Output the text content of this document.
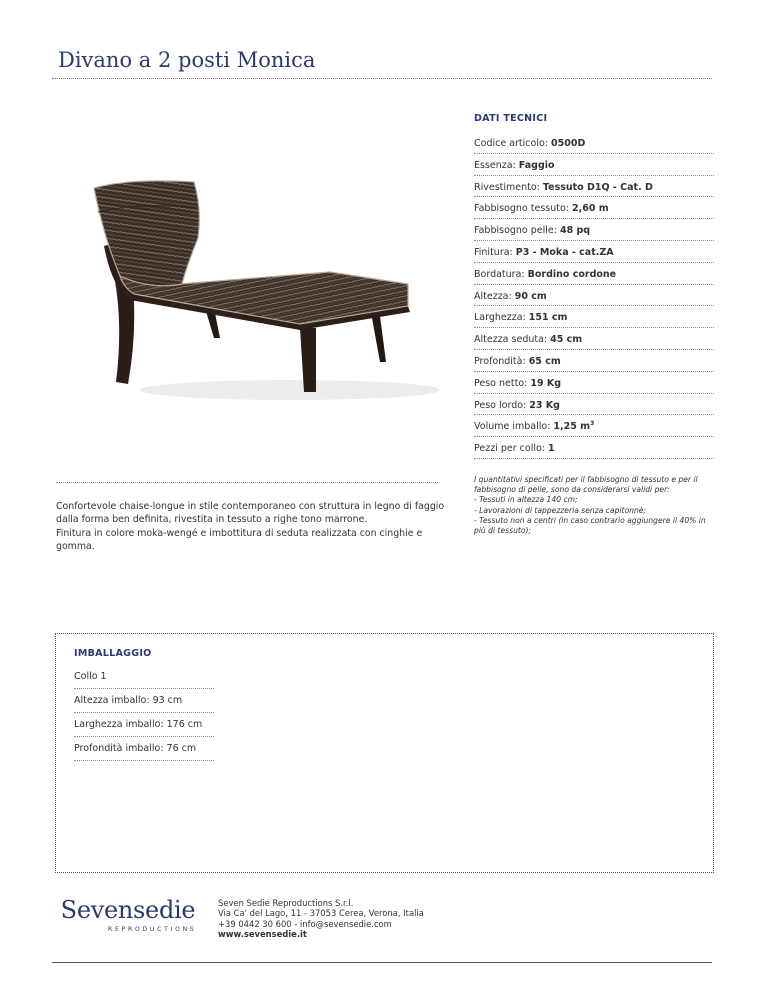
Divano a 2 posti Monica
DATI TECNICI
Codice articolo: 0500D
Essenza: Faggio
Rivestimento: Tessuto D1Q - Cat. D
Fabbisogno tessuto: 2,60 m
Fabbisogno pelle: 48 pq
Finitura: P3 - Moka - cat.ZA
Bordatura: Bordino cordone
Altezza: 90 cm
Larghezza: 151 cm
Altezza seduta: 45 cm
Profondità: 65 cm
Peso netto: 19 Kg
Peso lordo: 23 Kg
Volume imballo: 1,25 $m^3$
Pezzi per collo: 1
I quantitativi specificati per il fabbisogno di tessuto e per il fabbisogno di pelle, sono da considerarsi validi per:
- Tessuti in altezza 140 cm;
- Lavorazioni di tappezzeria senza capitonnè;
- Tessuto non a centri (in caso contrario aggiungere il 40% in più di tessuto);

Confortevole chaise-longue in stile contemporaneo con struttura in legno di faggio dalla forma ben definita, rivestita in tessuto a righe tono marrone.

Finitura in colore moka-wengé e imbottitura di seduta realizzata con cinghie e gomma.

IMBALLAGGIO
Collo 1
Altezza imballo: 93 cm
Larghezza imballo: 176 cm
Profondità imballo: 76 cm
Sevensedie
REPRODUCTIONS
Seven Sedie Reproductions S.r.l.
Via Ca' del Lago, 11 - 37053 Cerea, Verona, Italia
+39 0442 30 600 - info@sevensedie.com
www.sevensedie.it
